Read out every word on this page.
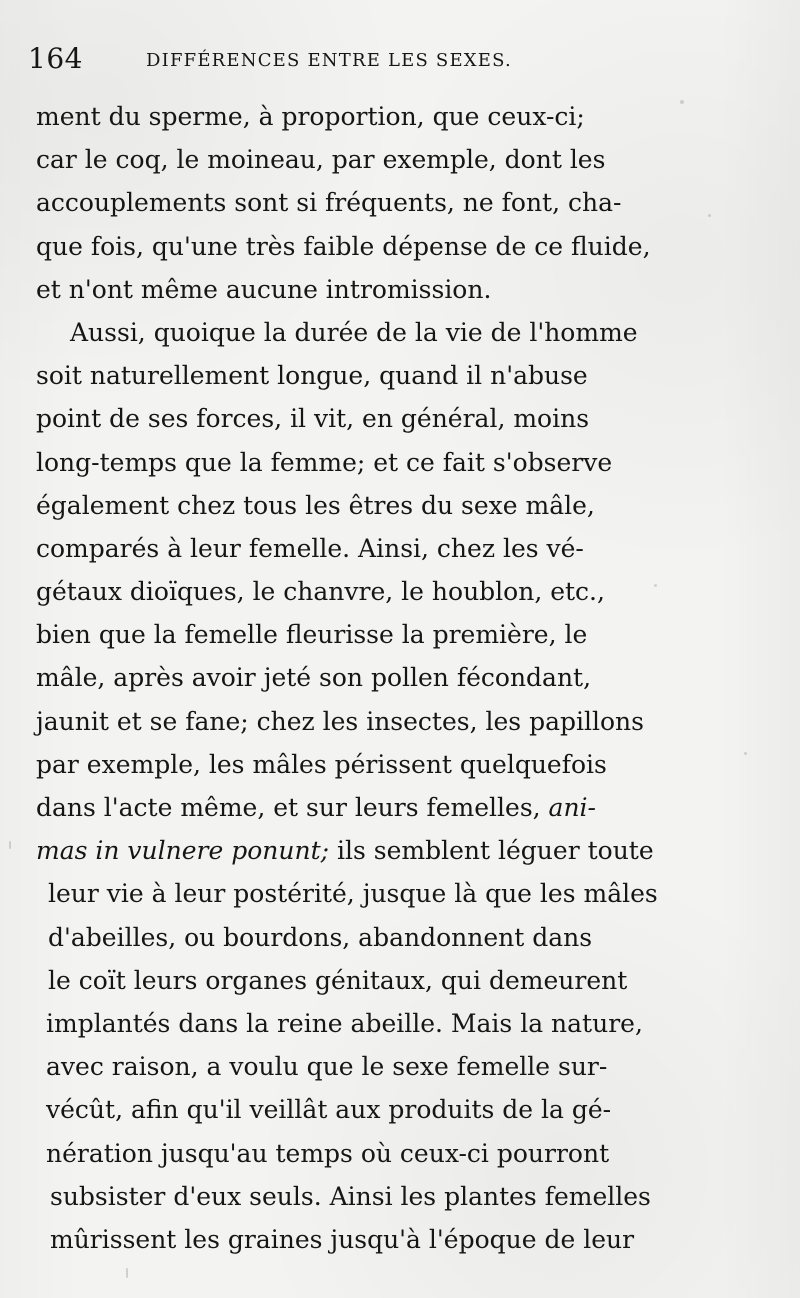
164	DIFFÉRENCES ENTRE LES SEXES.
ment du sperme, à proportion, que ceux-ci;
car le coq, le moineau, par exemple, dont les
accouplements sont si fréquents, ne font, cha-
que fois, qu'une très faible dépense de ce fluide,
et n'ont même aucune intromission.
Aussi, quoique la durée de la vie de l'homme
soit naturellement longue, quand il n'abuse
point de ses forces, il vit, en général, moins
long-temps que la femme; et ce fait s'observe
également chez tous les êtres du sexe mâle,
comparés à leur femelle. Ainsi, chez les vé-
gétaux dioïques, le chanvre, le houblon, etc.,
bien que la femelle fleurisse la première, le
mâle, après avoir jeté son pollen fécondant,
jaunit et se fane; chez les insectes, les papillons
par exemple, les mâles périssent quelquefois
dans l'acte même, et sur leurs femelles, ani-
mas in vulnere ponunt; ils semblent léguer toute
leur vie à leur postérité, jusque là que les mâles
d'abeilles, ou bourdons, abandonnent dans
le coït leurs organes génitaux, qui demeurent
implantés dans la reine abeille. Mais la nature,
avec raison, a voulu que le sexe femelle sur-
vécût, afin qu'il veillât aux produits de la gé-
nération jusqu'au temps où ceux-ci pourront
subsister d'eux seuls. Ainsi les plantes femelles
mûrissent les graines jusqu'à l'époque de leur
